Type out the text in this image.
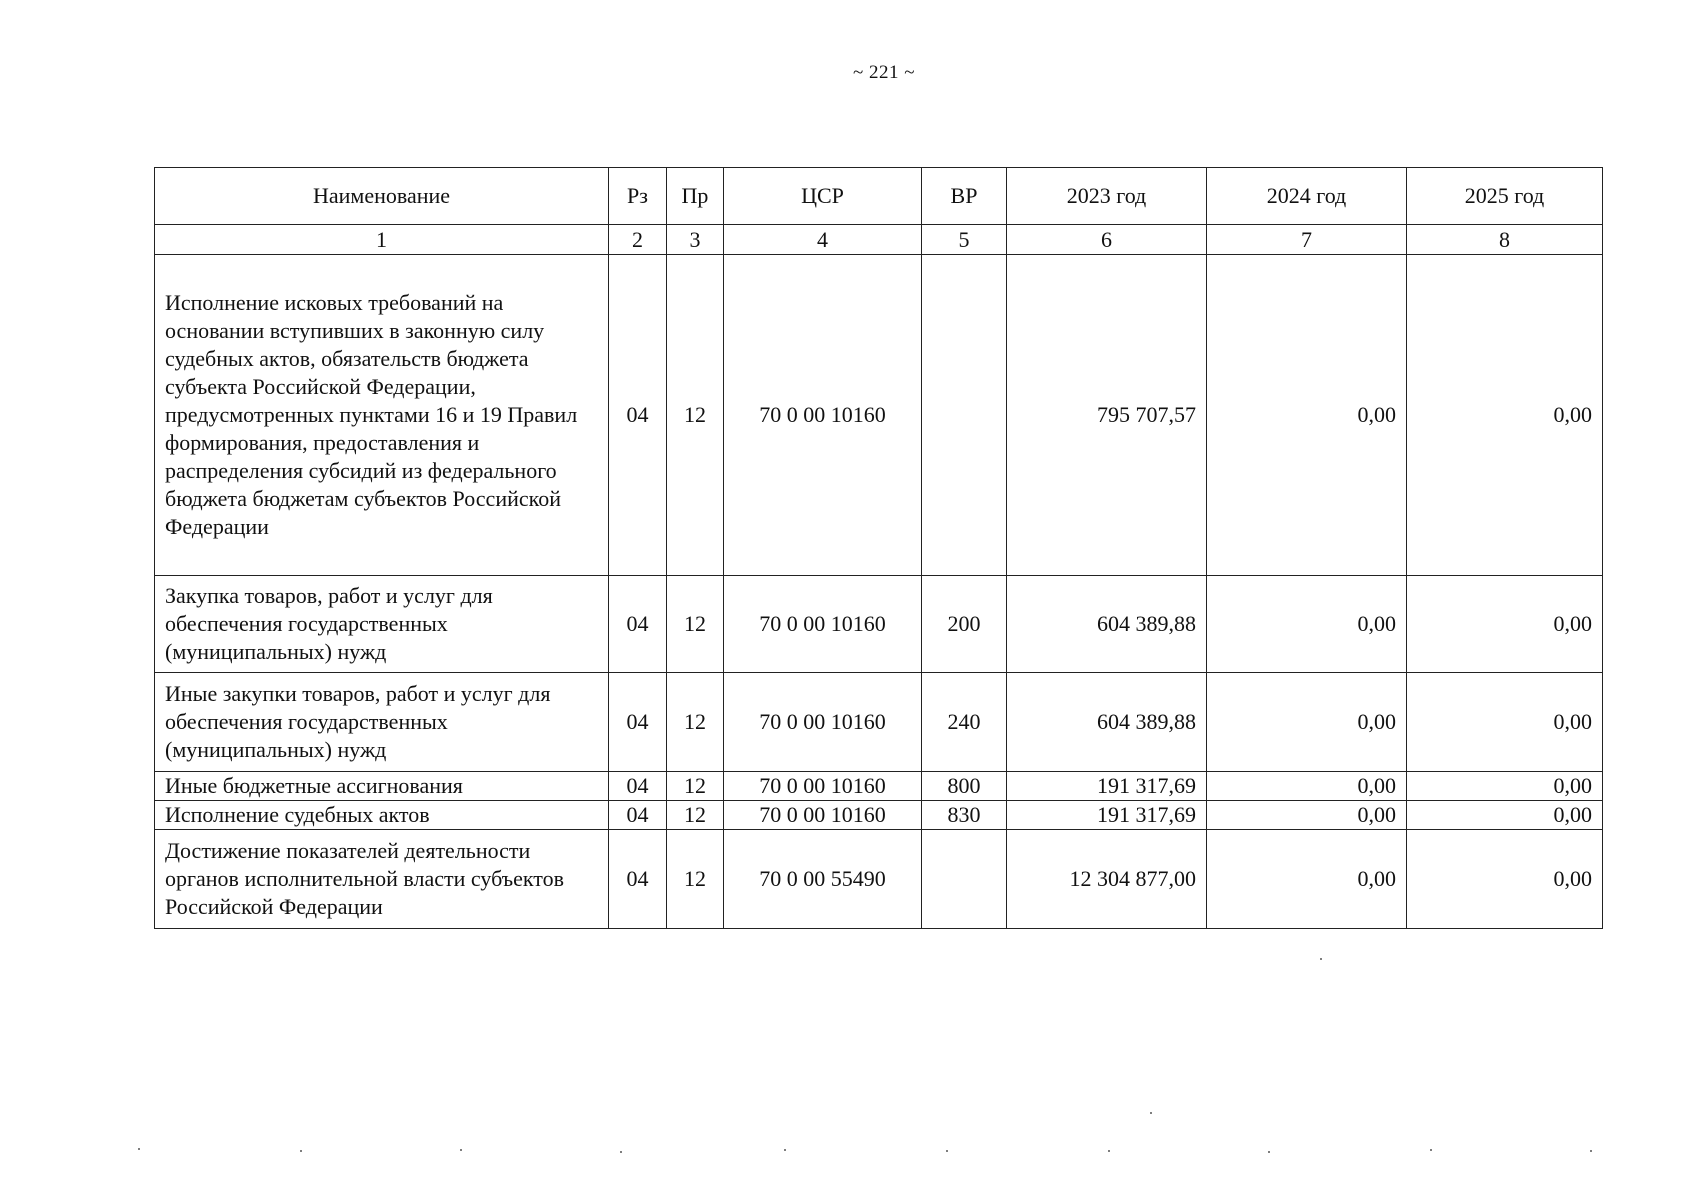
~ 221 ~
Наименование	Рз	Пр	ЦСР	ВР	2023 год	2024 год	2025 год
1	2	3	4	5	6	7	8
Исполнение исковых требований на основании вступивших в законную силу судебных актов, обязательств бюджета субъекта Российской Федерации, предусмотренных пунктами 16 и 19 Правил формирования, предоставления и распределения субсидий из федерального бюджета бюджетам субъектов Российской Федерации	04	12	70 0 00 10160		795 707,57	0,00	0,00
Закупка товаров, работ и услуг для обеспечения государственных (муниципальных) нужд	04	12	70 0 00 10160	200	604 389,88	0,00	0,00
Иные закупки товаров, работ и услуг для обеспечения государственных (муниципальных) нужд	04	12	70 0 00 10160	240	604 389,88	0,00	0,00
Иные бюджетные ассигнования	04	12	70 0 00 10160	800	191 317,69	0,00	0,00
Исполнение судебных актов	04	12	70 0 00 10160	830	191 317,69	0,00	0,00
Достижение показателей деятельности органов исполнительной власти субъектов Российской Федерации	04	12	70 0 00 55490		12 304 877,00	0,00	0,00
